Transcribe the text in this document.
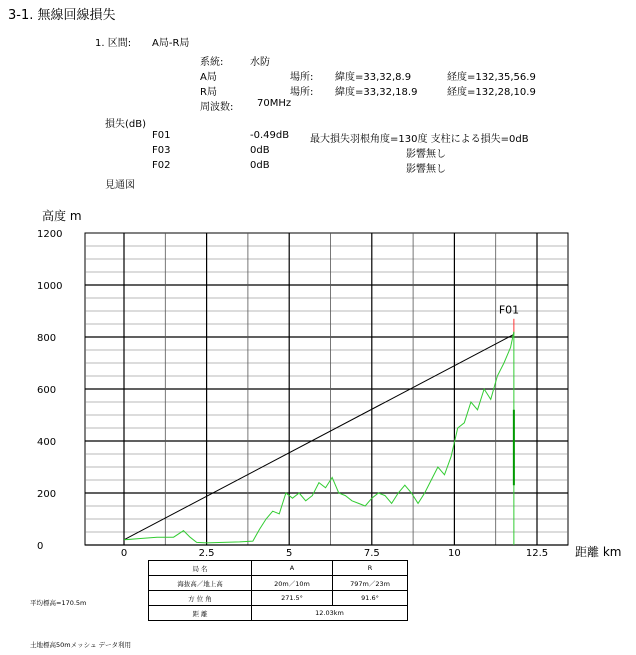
3-1. 無線回線損失
1. 区間: A局-R局
系統:	水防
A局	場所: 緯度=33,32,8.9	経度=132,35,56.9
R局	場所: 緯度=33,32,18.9	経度=132,28,10.9
周波数: 70MHz
損失(dB)
F01	-0.49dB 最大損失羽根角度=130度 支柱による損失=0dB
F03	0dB	影響無し
F02	0dB	影響無し
見通図
0
200
400
600
800
1000
1200
0	2.5	5	7.5	10	12.5
高度 m
距離 km
F01
局 名	A	R
海抜高／地上高	20m／10m	797m／23m
方 位 角	271.5°	91.6°
距 離	12.03km	
平均標高=170.5m
土地標高50mメッシュ データ利用
